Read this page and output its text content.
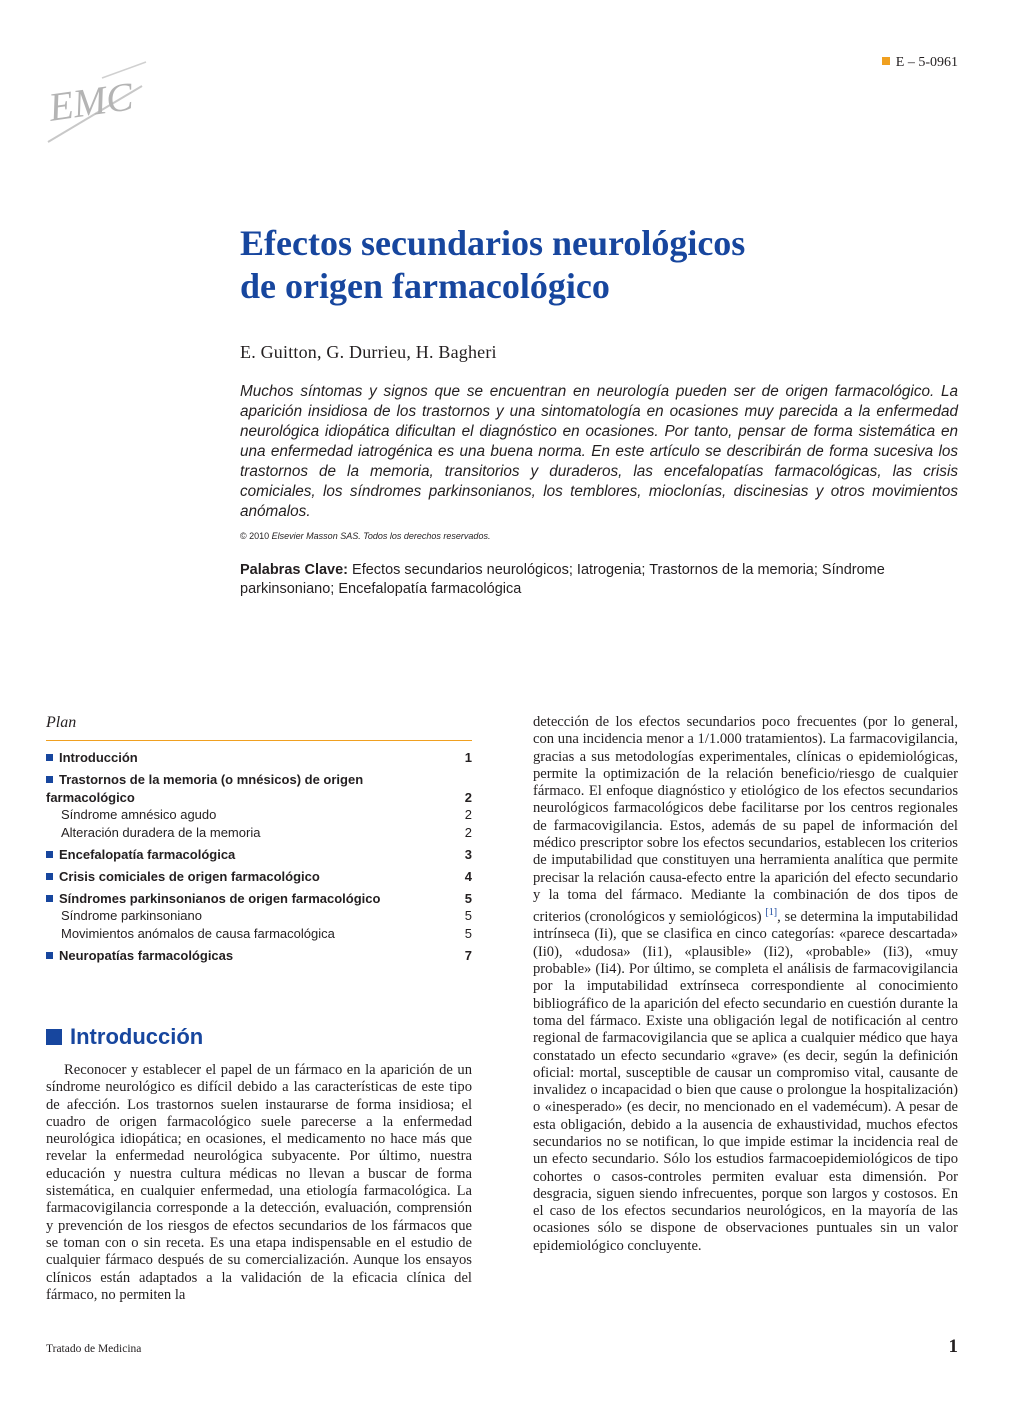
EMC
E – 5-0961
Efectos secundarios neurológicos
de origen farmacológico
E. Guitton, G. Durrieu, H. Bagheri

Muchos síntomas y signos que se encuentran en neurología pueden ser de origen farmacológico. La aparición insidiosa de los trastornos y una sintomatología en ocasiones muy parecida a la enfermedad neurológica idiopática dificultan el diagnóstico en ocasiones. Por tanto, pensar de forma sistemática en una enfermedad iatrogénica es una buena norma. En este artículo se describirán de forma sucesiva los trastornos de la memoria, transitorios y duraderos, las encefalopatías farmacológicas, las crisis comiciales, los síndromes parkinsonianos, los temblores, mioclonías, discinesias y otros movimientos anómalos.

© 2010 Elsevier Masson SAS. Todos los derechos reservados.
Palabras Clave: Efectos secundarios neurológicos; Iatrogenia; Trastornos de la memoria; Síndrome parkinsoniano; Encefalopatía farmacológica
Plan
Introducción	1
Trastornos de la memoria (o mnésicos) de origen farmacológico	2
Síndrome amnésico agudo	2
Alteración duradera de la memoria	2
Encefalopatía farmacológica	3
Crisis comiciales de origen farmacológico	4
Síndromes parkinsonianos de origen farmacológico	5
Síndrome parkinsoniano	5
Movimientos anómalos de causa farmacológica	5
Neuropatías farmacológicas	7
Introducción

Reconocer y establecer el papel de un fármaco en la aparición de un síndrome neurológico es difícil debido a las características de este tipo de afección. Los trastornos suelen instaurarse de forma insidiosa; el cuadro de origen farmacológico suele parecerse a la enfermedad neurológica idiopática; en ocasiones, el medicamento no hace más que revelar la enfermedad neurológica subyacente. Por último, nuestra educación y nuestra cultura médicas no llevan a buscar de forma sistemática, en cualquier enfermedad, una etiología farmacológica. La farmacovigilancia corresponde a la detección, evaluación, comprensión y prevención de los riesgos de efectos secundarios de los fármacos que se toman con o sin receta. Es una etapa indispensable en el estudio de cualquier fármaco después de su comercialización. Aunque los ensayos clínicos están adaptados a la validación de la eficacia clínica del fármaco, no permiten la

detección de los efectos secundarios poco frecuentes (por lo general, con una incidencia menor a 1/1.000 tratamientos). La farmacovigilancia, gracias a sus metodologías experimentales, clínicas o epidemiológicas, permite la optimización de la relación beneficio/riesgo de cualquier fármaco. El enfoque diagnóstico y etiológico de los efectos secundarios neurológicos farmacológicos debe facilitarse por los centros regionales de farmacovigilancia. Estos, además de su papel de información del médico prescriptor sobre los efectos secundarios, establecen los criterios de imputabilidad que constituyen una herramienta analítica que permite precisar la relación causa-efecto entre la aparición del efecto secundario y la toma del fármaco. Mediante la combinación de dos tipos de criterios (cronológicos y semiológicos) [1], se determina la imputabilidad intrínseca (Ii), que se clasifica en cinco categorías: «parece descartada» (Ii0), «dudosa» (Ii1), «plausible» (Ii2), «probable» (Ii3), «muy probable» (Ii4). Por último, se completa el análisis de farmacovigilancia por la imputabilidad extrínseca correspondiente al conocimiento bibliográfico de la aparición del efecto secundario en cuestión durante la toma del fármaco. Existe una obligación legal de notificación al centro regional de farmacovigilancia que se aplica a cualquier médico que haya constatado un efecto secundario «grave» (es decir, según la definición oficial: mortal, susceptible de causar un compromiso vital, causante de invalidez o incapacidad o bien que cause o prolongue la hospitalización) o «inesperado» (es decir, no mencionado en el vademécum). A pesar de esta obligación, debido a la ausencia de exhaustividad, muchos efectos secundarios no se notifican, lo que impide estimar la incidencia real de un efecto secundario. Sólo los estudios farmacoepidemiológicos de tipo cohortes o casos-controles permiten evaluar esta dimensión. Por desgracia, siguen siendo infrecuentes, porque son largos y costosos. En el caso de los efectos secundarios neurológicos, en la mayoría de las ocasiones sólo se dispone de observaciones puntuales sin un valor epidemiológico concluyente.

Tratado de Medicina	1
